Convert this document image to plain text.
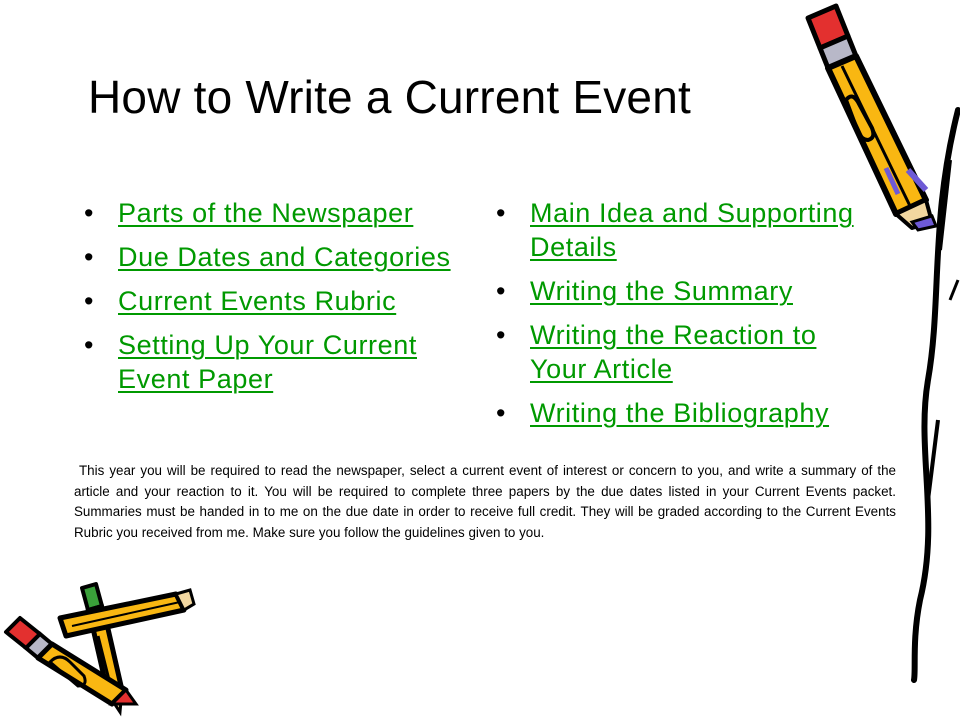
How to Write a Current Event
• Parts of the Newspaper
• Due Dates and Categories
• Current Events Rubric
• Setting Up Your Current Event Paper
• Main Idea and Supporting Details
• Writing the Summary
• Writing the Reaction to Your Article
• Writing the Bibliography

This year you will be required to read the newspaper, select a current event of interest or concern to you, and write a summary of the article and your reaction to it. You will be required to complete three papers by the due dates listed in your Current Events packet. Summaries must be handed in to me on the due date in order to receive full credit. They will be graded according to the Current Events Rubric you received from me. Make sure you follow the guidelines given to you.
